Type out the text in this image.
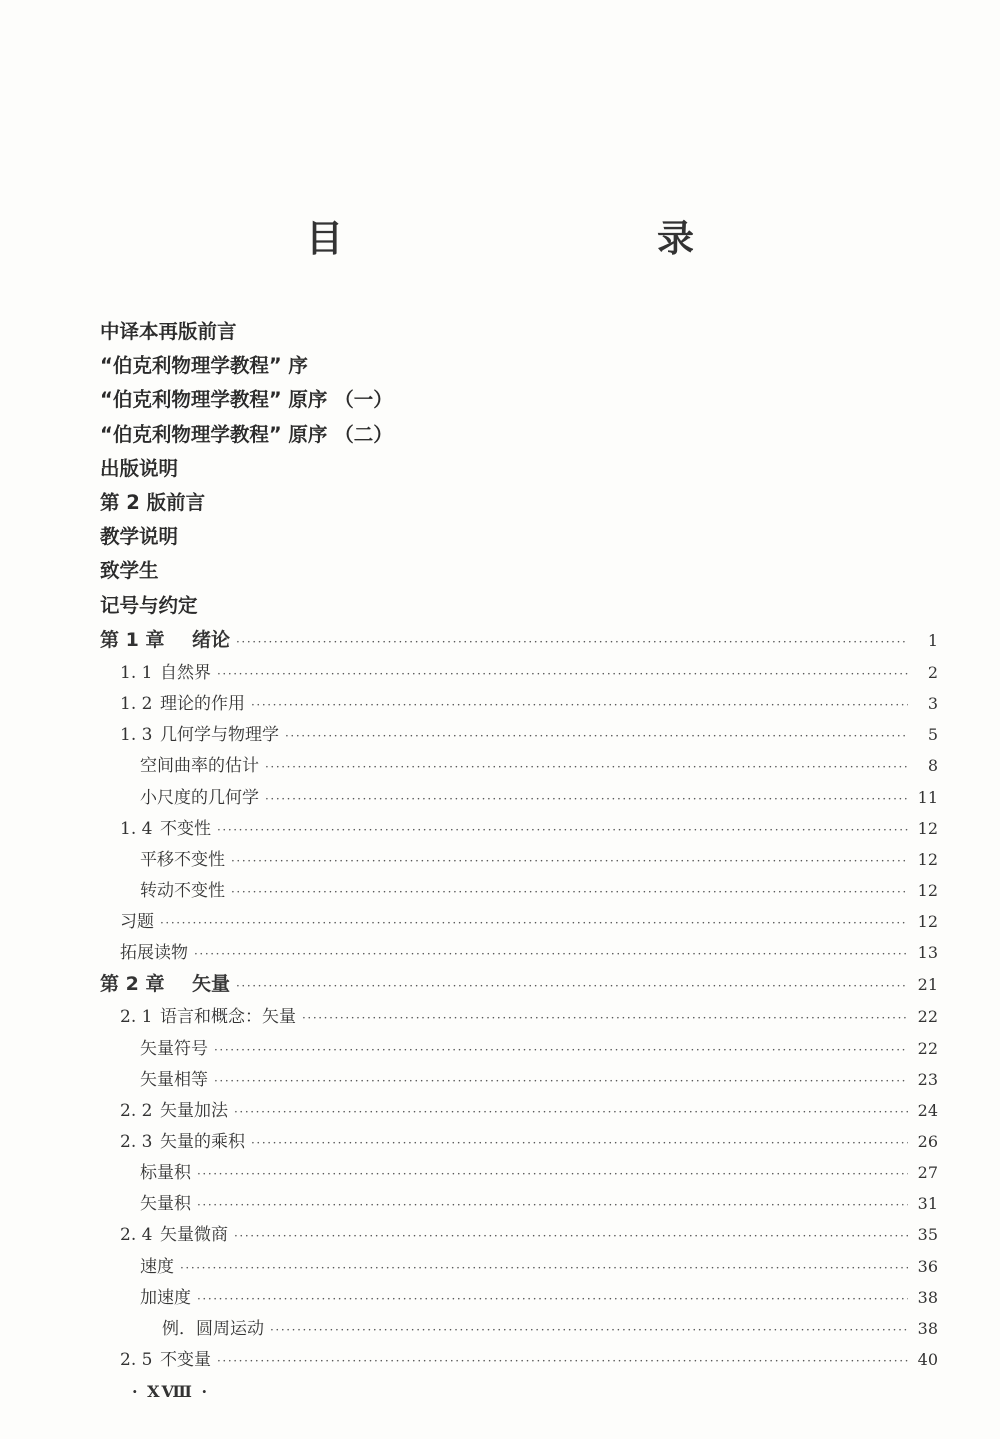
目　　录
中译本再版前言
“伯克利物理学教程” 序
“伯克利物理学教程” 原序 （一）
“伯克利物理学教程” 原序 （二）
出版说明
第 2 版前言
教学说明
致学生
记号与约定
第 1 章 绪论 ·····	1
1. 1 自然界 ·····	2
1. 2 理论的作用 ·····	3
1. 3 几何学与物理学 ·····	5
空间曲率的估计 ·····	8
小尺度的几何学 ·····	11
1. 4 不变性 ·····	12
平移不变性 ·····	12
转动不变性 ·····	12
习题 ·····	12
拓展读物 ·····	13
第 2 章 矢量 ·····	21
2. 1 语言和概念：矢量 ·····	22
矢量符号 ·····	22
矢量相等 ·····	23
2. 2 矢量加法 ·····	24
2. 3 矢量的乘积 ·····	26
标量积 ·····	27
矢量积 ·····	31
2. 4 矢量微商 ·····	35
速度 ·····	36
加速度 ·····	38
例．圆周运动 ·····	38
2. 5 不变量 ·····	40
· XⅧ ·
